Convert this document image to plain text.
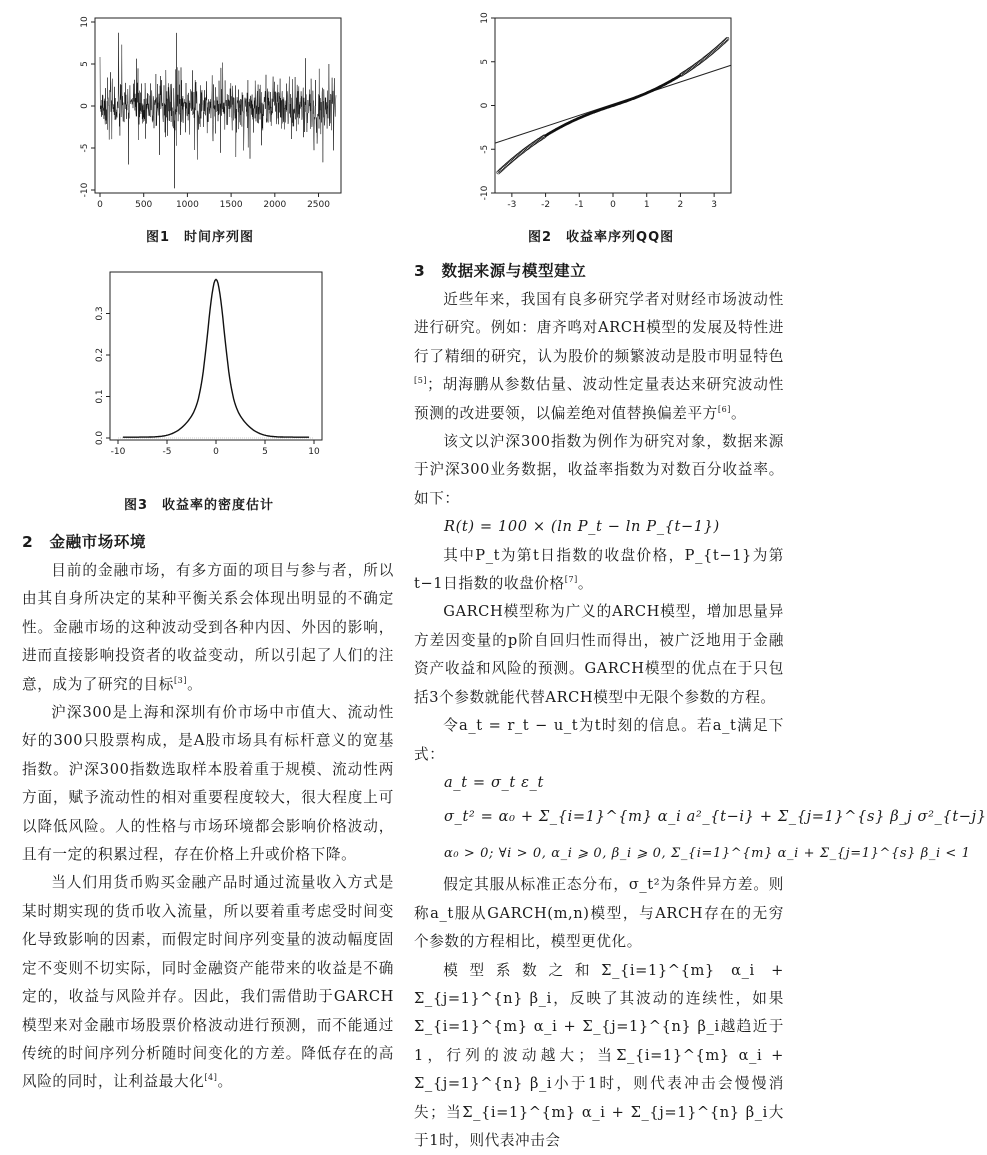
0	500	1000 1500 2000 2500
-10
-5
0
5
10
图1　时间序列图
-3	-2	-1	0	1	2	3
-10
-5
0
5
10
图2　收益率序列QQ图
-10	-5	0	5	10
0.0
0.1
0.2
0.3
图3　收益率的密度估计

2　金融市场环境

目前的金融市场，有多方面的项目与参与者，所以由其自身所决定的某种平衡关系会体现出明显的不确定性。金融市场的这种波动受到各种内因、外因的影响，进而直接影响投资者的收益变动，所以引起了人们的注意，成为了研究的目标[3]。

沪深300是上海和深圳有价市场中市值大、流动性好的300只股票构成，是A股市场具有标杆意义的宽基指数。沪深300指数选取样本股着重于规模、流动性两方面，赋予流动性的相对重要程度较大，很大程度上可以降低风险。人的性格与市场环境都会影响价格波动，且有一定的积累过程，存在价格上升或价格下降。

当人们用货币购买金融产品时通过流量收入方式是某时期实现的货币收入流量，所以要着重考虑受时间变化导致影响的因素，而假定时间序列变量的波动幅度固定不变则不切实际，同时金融资产能带来的收益是不确定的，收益与风险并存。因此，我们需借助于GARCH模型来对金融市场股票价格波动进行预测，而不能通过传统的时间序列分析随时间变化的方差。降低存在的高风险的同时，让利益最大化[4]。

3　数据来源与模型建立

近些年来，我国有良多研究学者对财经市场波动性进行研究。例如：唐齐鸣对ARCH模型的发展及特性进行了精细的研究，认为股价的频繁波动是股市明显特色[5]；胡海鹏从参数估量、波动性定量表达来研究波动性预测的改进要领，以偏差绝对值替换偏差平方[6]。

该文以沪深300指数为例作为研究对象，数据来源于沪深300业务数据，收益率指数为对数百分收益率。如下：

R(t) = 100 × (ln P_t − ln P_{t−1})

其中P_t为第t日指数的收盘价格，P_{t−1}为第t−1日指数的收盘价格[7]。

GARCH模型称为广义的ARCH模型，增加思量异方差因变量的p阶自回归性而得出，被广泛地用于金融资产收益和风险的预测。GARCH模型的优点在于只包括3个参数就能代替ARCH模型中无限个参数的方程。

令a_t = r_t − u_t为t时刻的信息。若a_t满足下式：

a_t = σ_t ε_t

σ_t² = α₀ + Σ_{i=1}^{m} α_i a²_{t−i} + Σ_{j=1}^{s} β_j σ²_{t−j}

α₀ > 0; ∀i > 0, α_i ⩾ 0, β_i ⩾ 0, Σ_{i=1}^{m} α_i + Σ_{j=1}^{s} β_i < 1

假定其服从标准正态分布，σ_t²为条件异方差。则称a_t服从GARCH(m,n)模型，与ARCH存在的无穷个参数的方程相比，模型更优化。

模型系数之和Σ_{i=1}^{m} α_i + Σ_{j=1}^{n} β_i，反映了其波动的连续性，如果Σ_{i=1}^{m} α_i + Σ_{j=1}^{n} β_i越趋近于1，行列的波动越大；当Σ_{i=1}^{m} α_i + Σ_{j=1}^{n} β_i小于1时，则代表冲击会慢慢消失；当Σ_{i=1}^{m} α_i + Σ_{j=1}^{n} β_i大于1时，则代表冲击会
